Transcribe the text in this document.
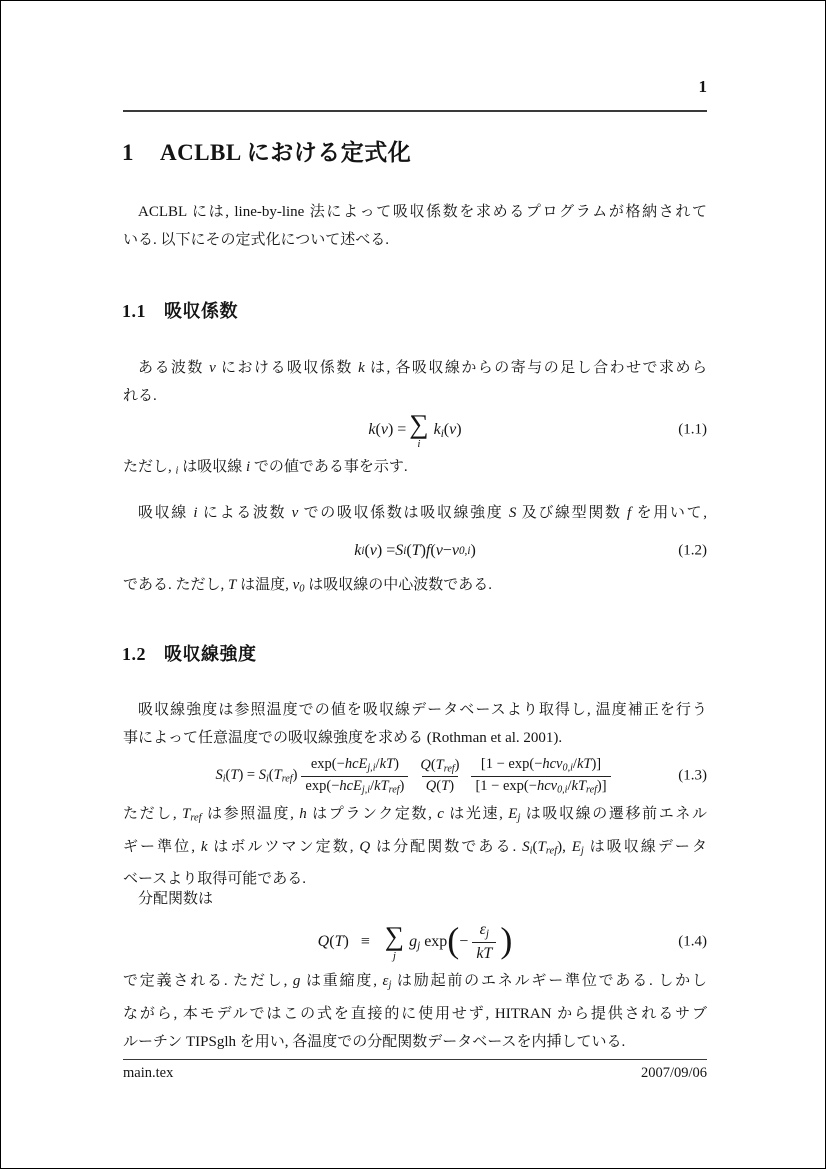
1
1 ACLBL における定式化
ACLBL には, line-by-line 法によって吸収係数を求めるプログラムが格納されて
いる. 以下にその定式化について述べる.
1.1 吸収係数
ある波数 ν における吸収係数 k は, 各吸収線からの寄与の足し合わせで求めら
れる.
k(ν) = ∑
i
ki(ν)	(1.1)
ただし, i は吸収線 i での値である事を示す.
吸収線 i による波数 ν での吸収係数は吸収線強度 S 及び線型関数 f を用いて,
k i ( ν ) = S i ( T ) f ( ν − ν 0,i )	(1.2)
である. ただし, T は温度, ν0 は吸収線の中心波数である.
1.2 吸収線強度
吸収線強度は参照温度での値を吸収線データベースより取得し, 温度補正を行う
事によって任意温度での吸収線強度を求める (Rothman et al. 2001).
Si(T) = Si(Tref) $\frac{\text{exp(−hcEj,i/kT)}}{\text{exp(−hcEj,i/kTref)}} \frac{\text{Q(Tref)}}{Q(T)} \frac{\text{[1 − exp(−hcν0,i/kT)]}}{\text{[1 − exp(−hcν0,i/kTref)]}}$	(1.3)
ただし, Tref は参照温度, h はプランク定数, c は光速, Ej は吸収線の遷移前エネル
ギー準位, k はボルツマン定数, Q は分配関数である. Si(Tref), Ej は吸収線データ
ベースより取得可能である.
分配関数は
Q(T) ≡ ∑
j
gj exp ( − $\frac{\varepsilon j}{kT}$ )	(1.4)
で定義される. ただし, g は重縮度, εj は励起前のエネルギー準位である. しかし
ながら, 本モデルではこの式を直接的に使用せず, HITRAN から提供されるサブ
ルーチン TIPSglh を用い, 各温度での分配関数データベースを内挿している.
main.tex	2007/09/06
